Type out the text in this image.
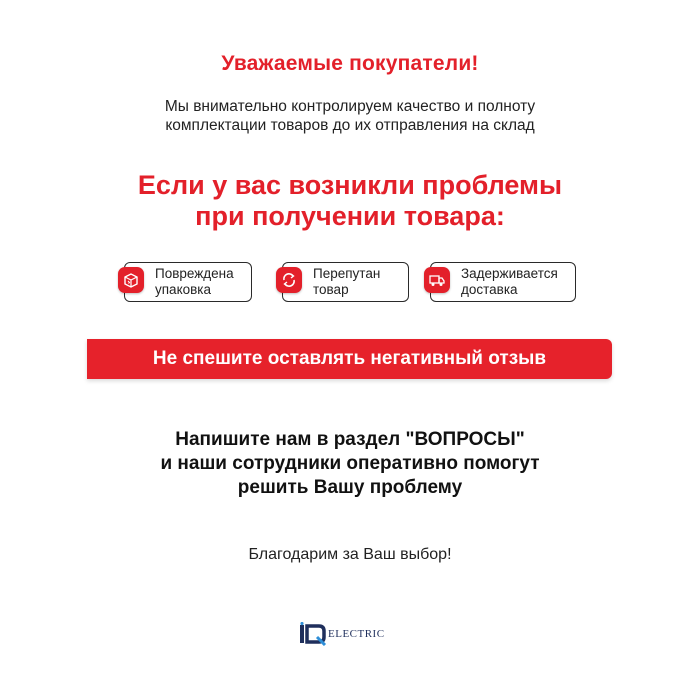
Уважаемые покупатели!
Мы внимательно контролируем качество и полноту
комплектации товаров до их отправления на склад
Если у вас возникли проблемы
при получении товара:
Повреждена
упаковка
Перепутан
товар
Задерживается
доставка
Не спешите оставлять негативный отзыв
Напишите нам в раздел "ВОПРОСЫ"
и наши сотрудники оперативно помогут
решить Вашу проблему
Благодарим за Ваш выбор!
ELECTRIC
